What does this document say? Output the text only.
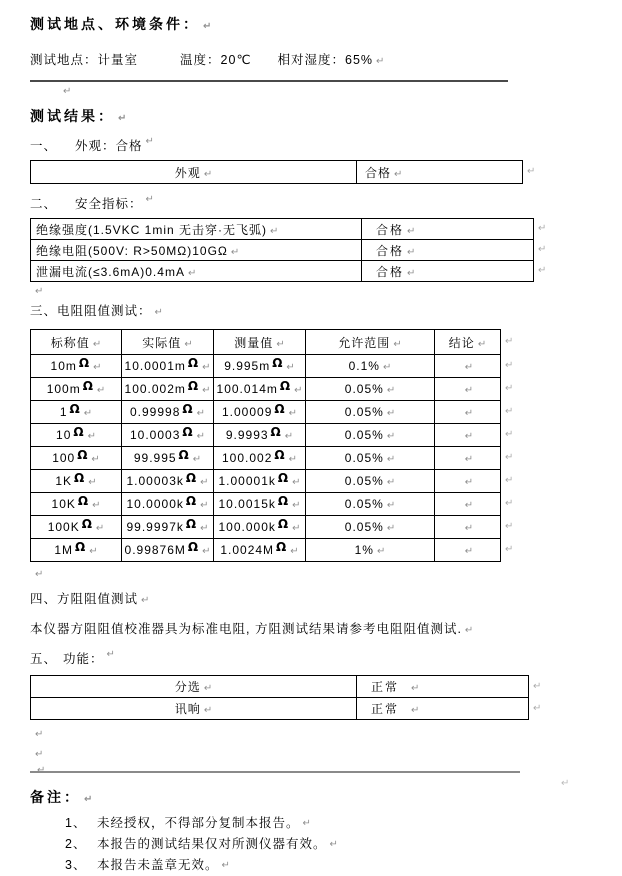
测试地点、环境条件： ↵

测试地点：计量室	温度：20℃ 相对湿度：65% ↵

↵
测试结果： ↵

一、 外观：合格 ↵

外观 ↵	合格 ↵	↵

二、 安全指标： ↵

绝缘强度(1.5VKC 1min 无击穿·无飞弧) ↵	合格 ↵
绝缘电阻(500V: R>50MΩ)10GΩ ↵	合格 ↵
泄漏电流(≤3.6mA)0.4mA ↵	合格 ↵
↵
↵
↵
↵

三、电阻阻值测试： ↵

标称值 ↵	实际值 ↵	测量值 ↵	允许范围 ↵	结论 ↵
10m Ω ↵	10.0001m Ω ↵	9.995m Ω ↵	0.1% ↵	↵
100m Ω ↵	100.002m Ω ↵	100.014m Ω ↵	0.05% ↵	↵
1 Ω ↵	0.99998 Ω ↵	1.00009 Ω ↵	0.05% ↵	↵
10 Ω ↵	10.0003 Ω ↵	9.9993 Ω ↵	0.05% ↵	↵
100 Ω ↵	99.995 Ω ↵	100.002 Ω ↵	0.05% ↵	↵
1K Ω ↵	1.00003k Ω ↵	1.00001k Ω ↵	0.05% ↵	↵
10K Ω ↵	10.0000k Ω ↵	10.0015k Ω ↵	0.05% ↵	↵
100K Ω ↵	99.9997k Ω ↵	100.000k Ω ↵	0.05% ↵	↵
1M Ω ↵	0.99876M Ω ↵	1.0024M Ω ↵	1% ↵	↵
↵
↵
↵
↵
↵
↵
↵
↵
↵
↵
↵

四、方阻阻值测试 ↵

本仪器方阻阻值校准器具为标准电阻, 方阻测试结果请参考电阻阻值测试. ↵

五、 功能： ↵

分选 ↵	正常 ↵
讯响 ↵	正常 ↵
↵
↵
↵
↵
↵
备注： ↵

1、 未经授权，不得部分复制本报告。 ↵

2、 本报告的测试结果仅对所测仪器有效。 ↵

3、 本报告未盖章无效。 ↵

↵
